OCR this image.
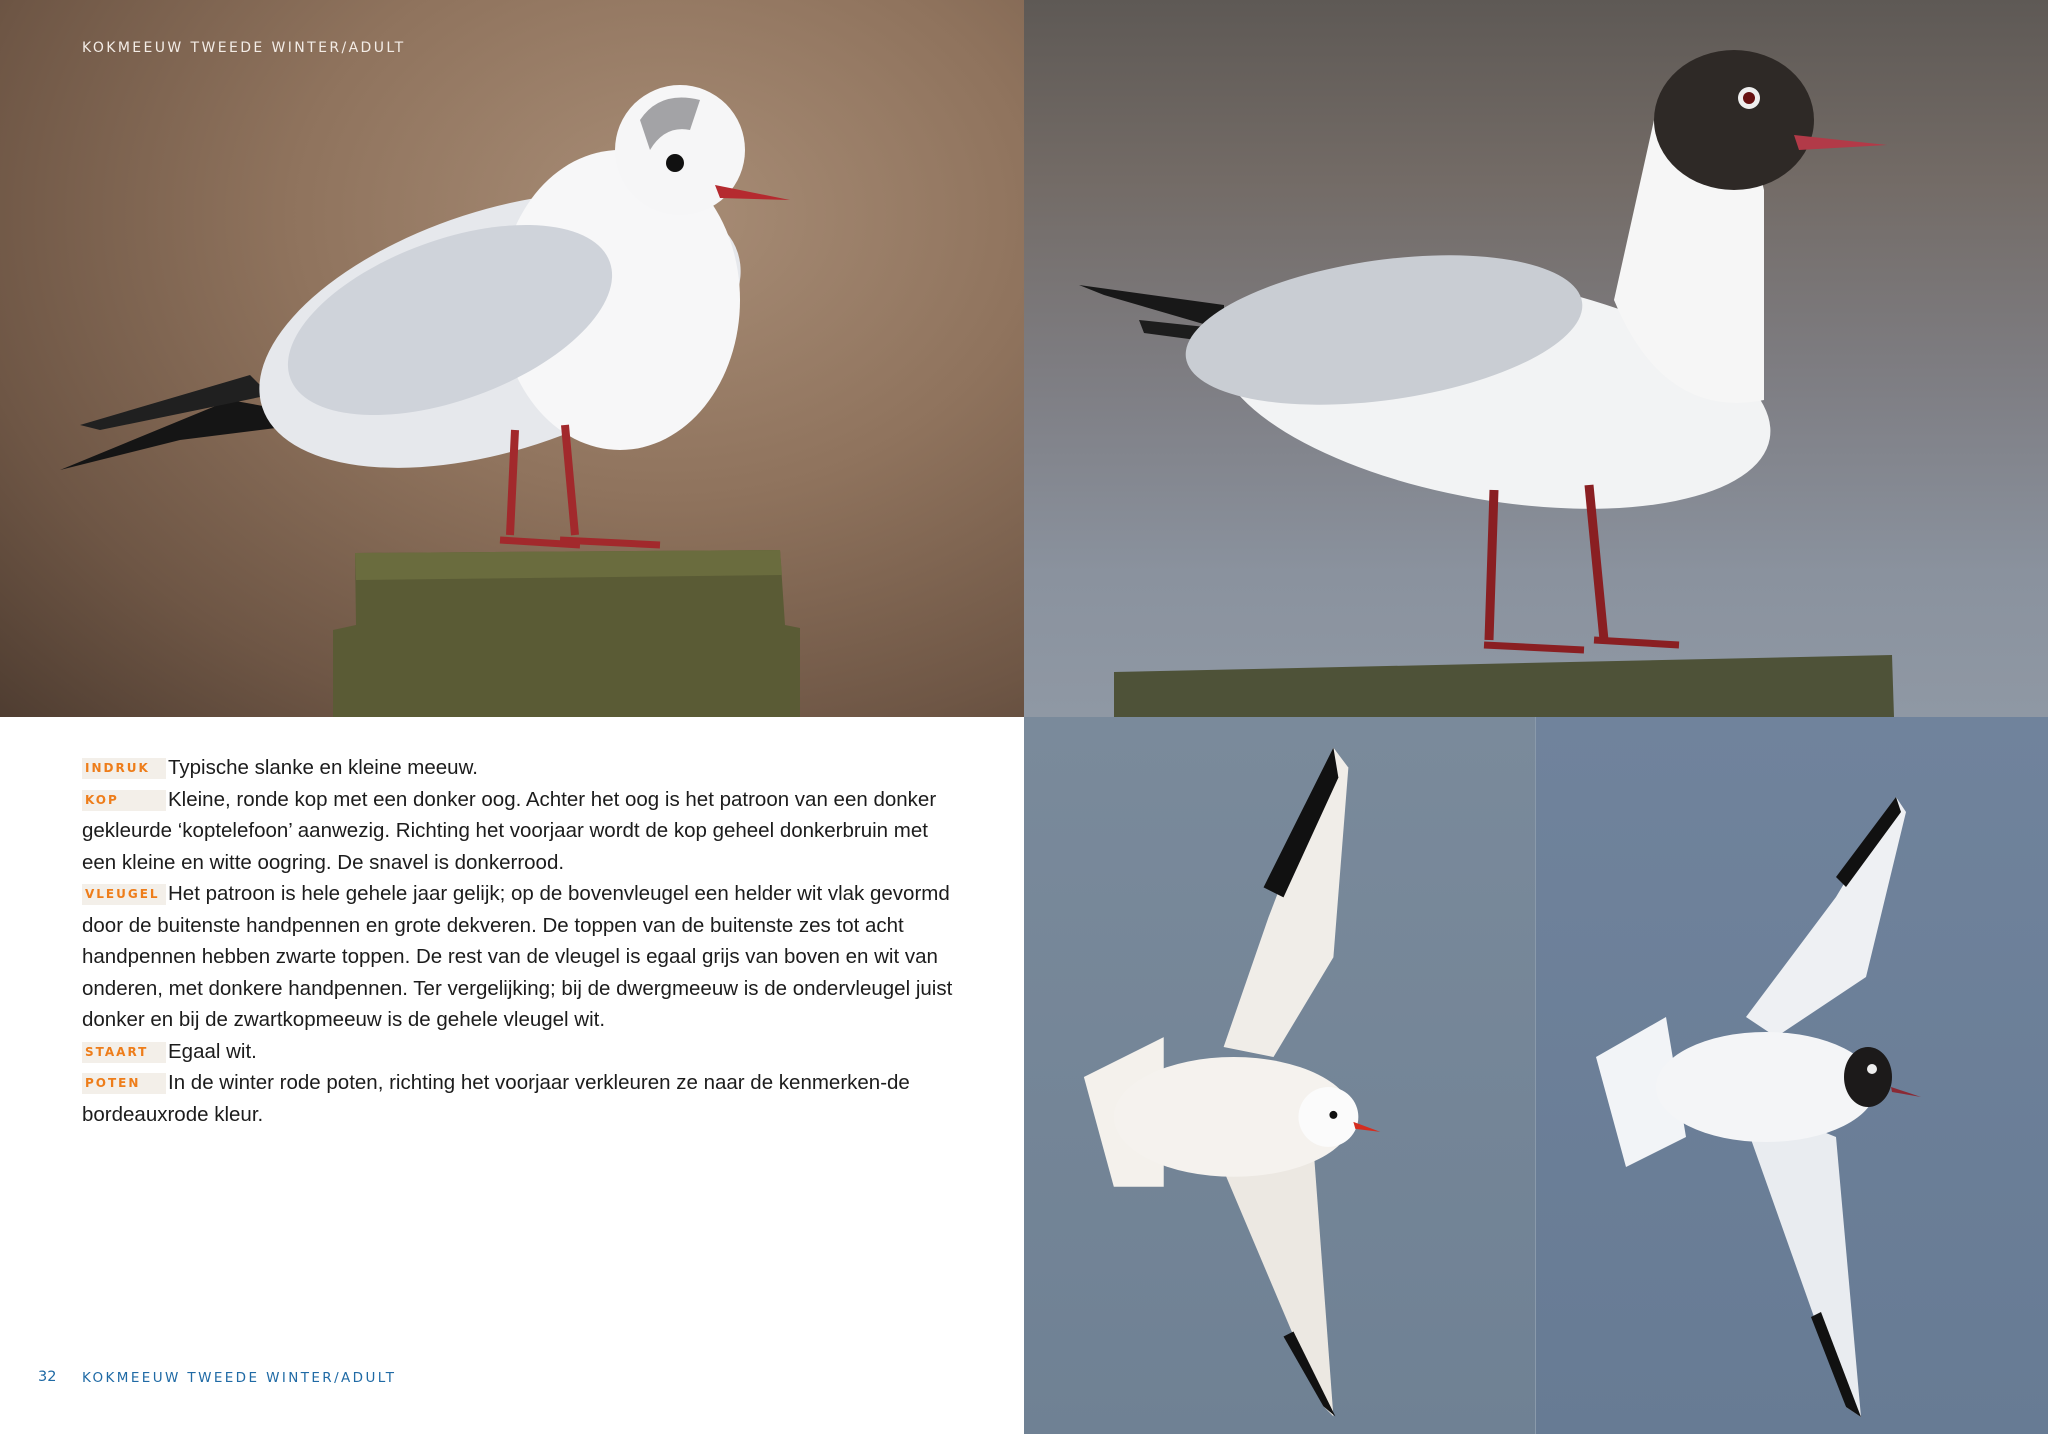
KOKMEEUW TWEEDE WINTER/ADULT

INDRUK Typische slanke en kleine meeuw.

KOP Kleine, ronde kop met een donker oog. Achter het oog is het patroon van een donker gekleurde ‘koptelefoon’ aanwezig. Richting het voorjaar wordt de kop geheel donkerbruin met een kleine en witte oogring. De snavel is donkerrood.

VLEUGEL Het patroon is hele gehele jaar gelijk; op de bovenvleugel een helder wit vlak gevormd door de buitenste handpennen en grote dekveren. De toppen van de buitenste zes tot acht handpennen hebben zwarte toppen. De rest van de vleugel is egaal grijs van boven en wit van onderen, met donkere handpennen. Ter vergelijking; bij de dwergmeeuw is de ondervleugel juist donker en bij de zwartkopmeeuw is de gehele vleugel wit.

STAART Egaal wit.

POTEN In de winter rode poten, richting het voorjaar verkleuren ze naar de kenmerken-de bordeauxrode kleur.

32 KOKMEEUW TWEEDE WINTER/ADULT
